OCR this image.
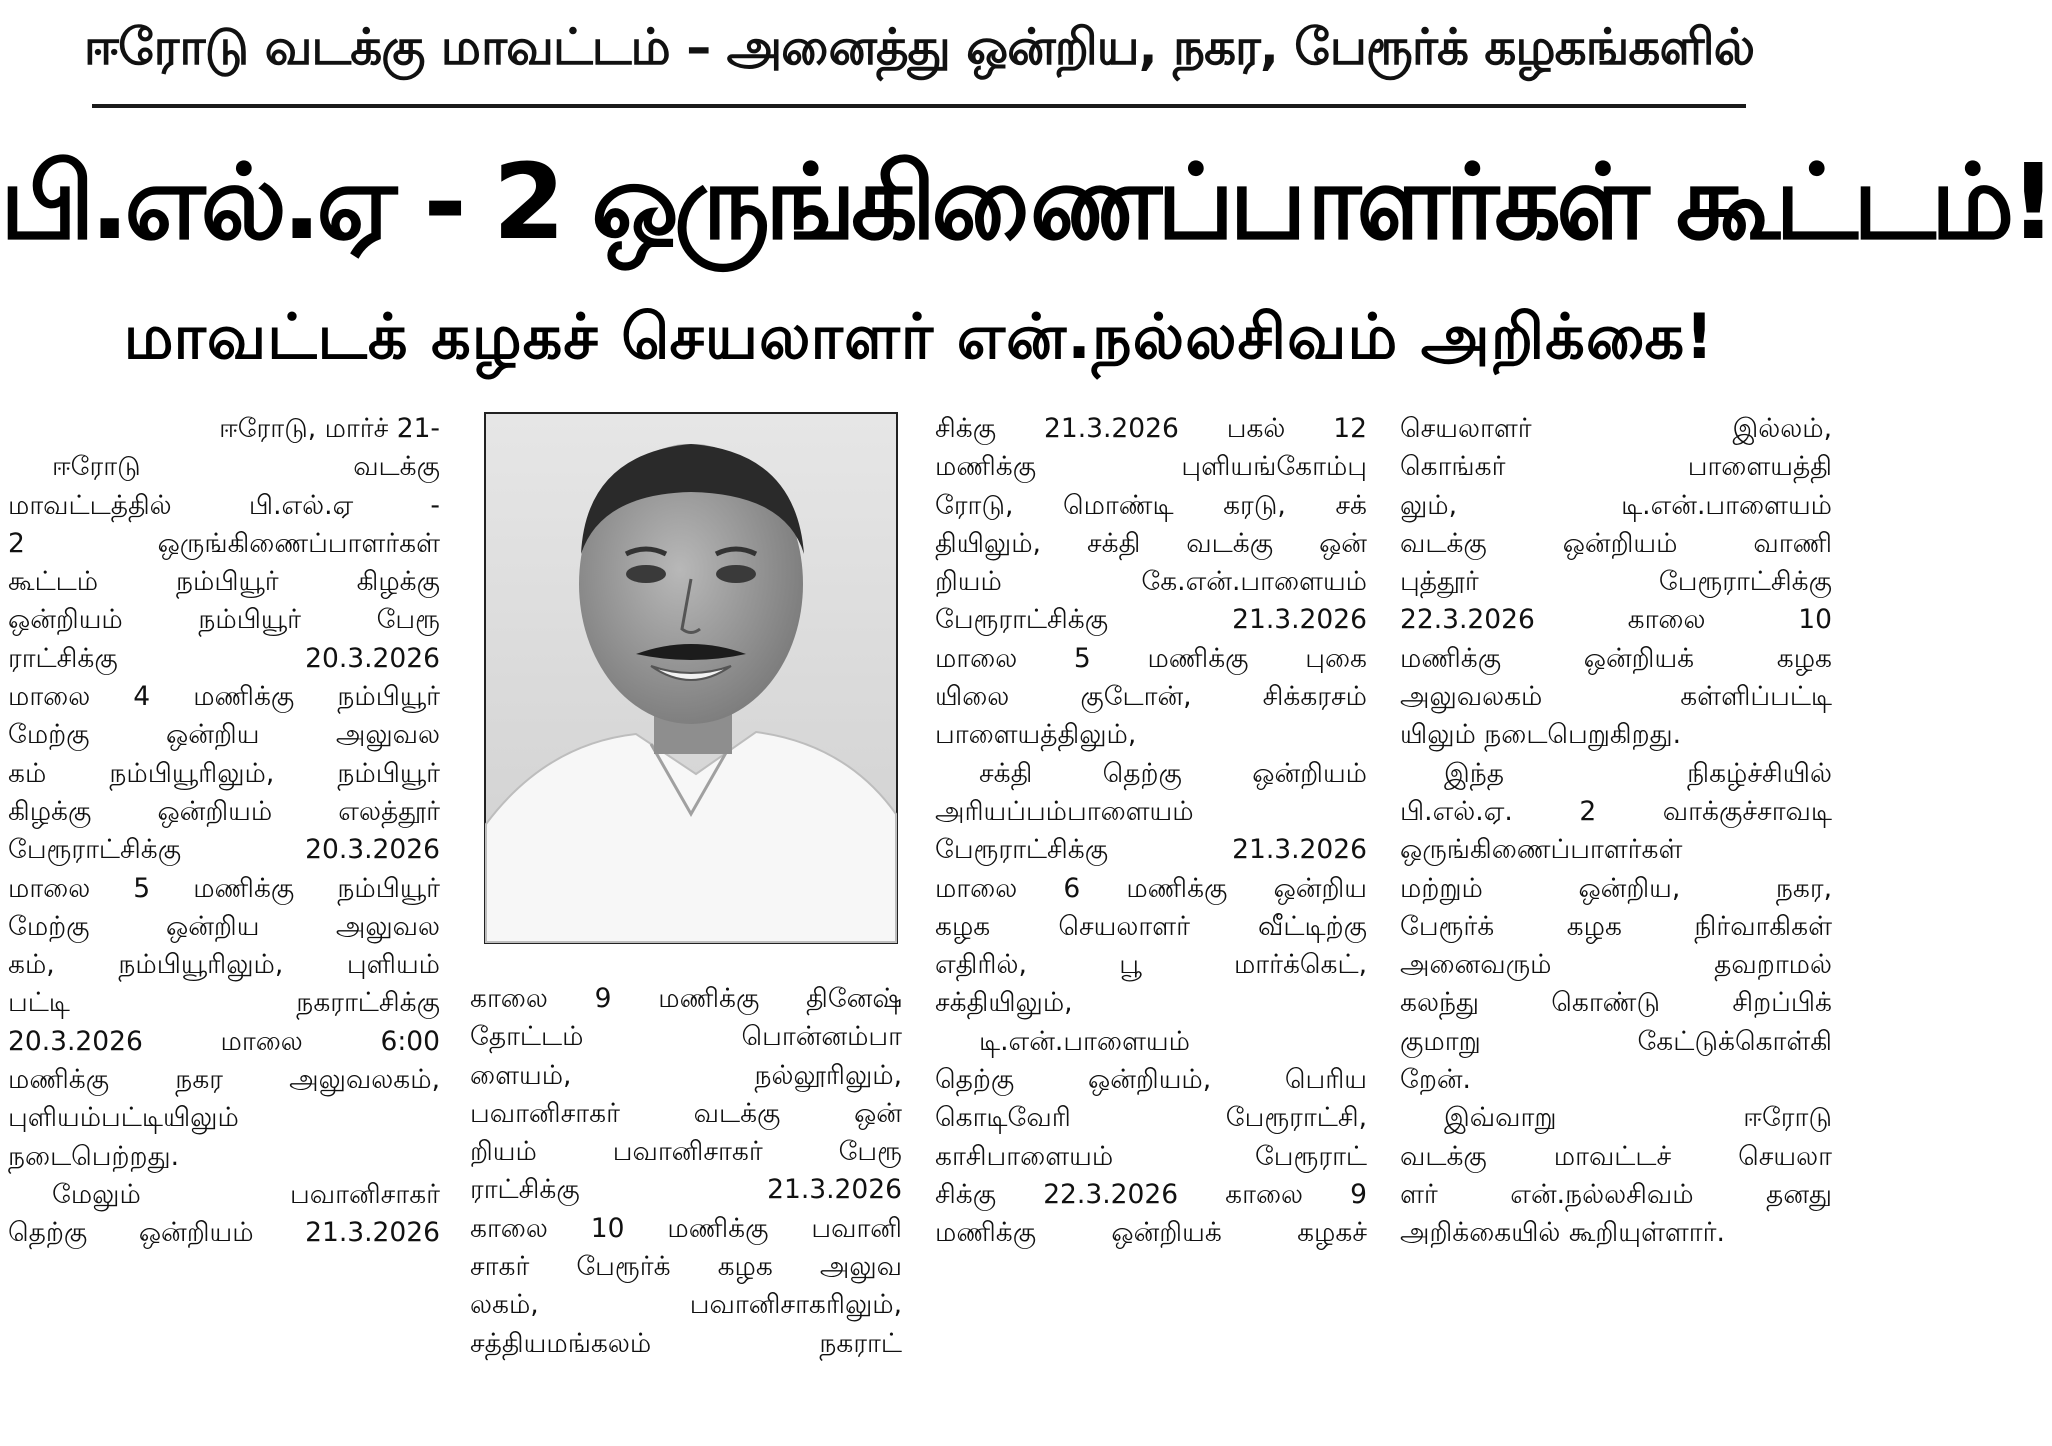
ஈரோடு வடக்கு மாவட்டம் – அனைத்து ஒன்றிய, நகர, பேரூர்க் கழகங்களில்
பி.எல்.ஏ - 2 ஒருங்கிணைப்பாளர்கள் கூட்டம்!
மாவட்டக் கழகச் செயலாளர் என்.நல்லசிவம் அறிக்கை!

ஈரோடு, மார்ச் 21-

ஈரோடு வடக்கு

மாவட்டத்தில் பி.எல்.ஏ -

2 ஒருங்கிணைப்பாளர்கள்

கூட்டம் நம்பியூர் கிழக்கு

ஒன்றியம் நம்பியூர் பேரூ

ராட்சிக்கு 20.3.2026

மாலை 4 மணிக்கு நம்பியூர்

மேற்கு ஒன்றிய அலுவல

கம் நம்பியூரிலும், நம்பியூர்

கிழக்கு ஒன்றியம் எலத்தூர்

பேரூராட்சிக்கு 20.3.2026

மாலை 5 மணிக்கு நம்பியூர்

மேற்கு ஒன்றிய அலுவல

கம், நம்பியூரிலும், புளியம்

பட்டி நகராட்சிக்கு

20.3.2026 மாலை 6:00

மணிக்கு நகர அலுவலகம்,

புளியம்பட்டியிலும்

நடைபெற்றது.

மேலும் பவானிசாகர்

தெற்கு ஒன்றியம் 21.3.2026

காலை 9 மணிக்கு தினேஷ்

தோட்டம் பொன்னம்பா

ளையம், நல்லூரிலும்,

பவானிசாகர் வடக்கு ஒன்

றியம் பவானிசாகர் பேரூ

ராட்சிக்கு 21.3.2026

காலை 10 மணிக்கு பவானி

சாகர் பேரூர்க் கழக அலுவ

லகம், பவானிசாகரிலும்,

சத்தியமங்கலம் நகராட்

சிக்கு 21.3.2026 பகல் 12

மணிக்கு புளியங்கோம்பு

ரோடு, மொண்டி கரடு, சக்

தியிலும், சக்தி வடக்கு ஒன்

றியம் கே.என்.பாளையம்

பேரூராட்சிக்கு 21.3.2026

மாலை 5 மணிக்கு புகை

யிலை குடோன், சிக்கரசம்

பாளையத்திலும்,

சக்தி தெற்கு ஒன்றியம்

அரியப்பம்பாளையம்

பேரூராட்சிக்கு 21.3.2026

மாலை 6 மணிக்கு ஒன்றிய

கழக செயலாளர் வீட்டிற்கு

எதிரில், பூ மார்க்கெட்,

சக்தியிலும்,

டி.என்.பாளையம்

தெற்கு ஒன்றியம், பெரிய

கொடிவேரி பேரூராட்சி,

காசிபாளையம் பேரூராட்

சிக்கு 22.3.2026 காலை 9

மணிக்கு ஒன்றியக் கழகச்

செயலாளர் இல்லம்,

கொங்கர் பாளையத்தி

லும், டி.என்.பாளையம்

வடக்கு ஒன்றியம் வாணி

புத்தூர் பேரூராட்சிக்கு

22.3.2026 காலை 10

மணிக்கு ஒன்றியக் கழக

அலுவலகம் கள்ளிப்பட்டி

யிலும் நடைபெறுகிறது.

இந்த நிகழ்ச்சியில்

பி.எல்.ஏ. 2 வாக்குச்சாவடி

ஒருங்கிணைப்பாளர்கள்

மற்றும் ஒன்றிய, நகர,

பேரூர்க் கழக நிர்வாகிகள்

அனைவரும் தவறாமல்

கலந்து கொண்டு சிறப்பிக்

குமாறு கேட்டுக்கொள்கி

றேன்.

இவ்வாறு ஈரோடு

வடக்கு மாவட்டச் செயலா

ளர் என்.நல்லசிவம் தனது

அறிக்கையில் கூறியுள்ளார்.
